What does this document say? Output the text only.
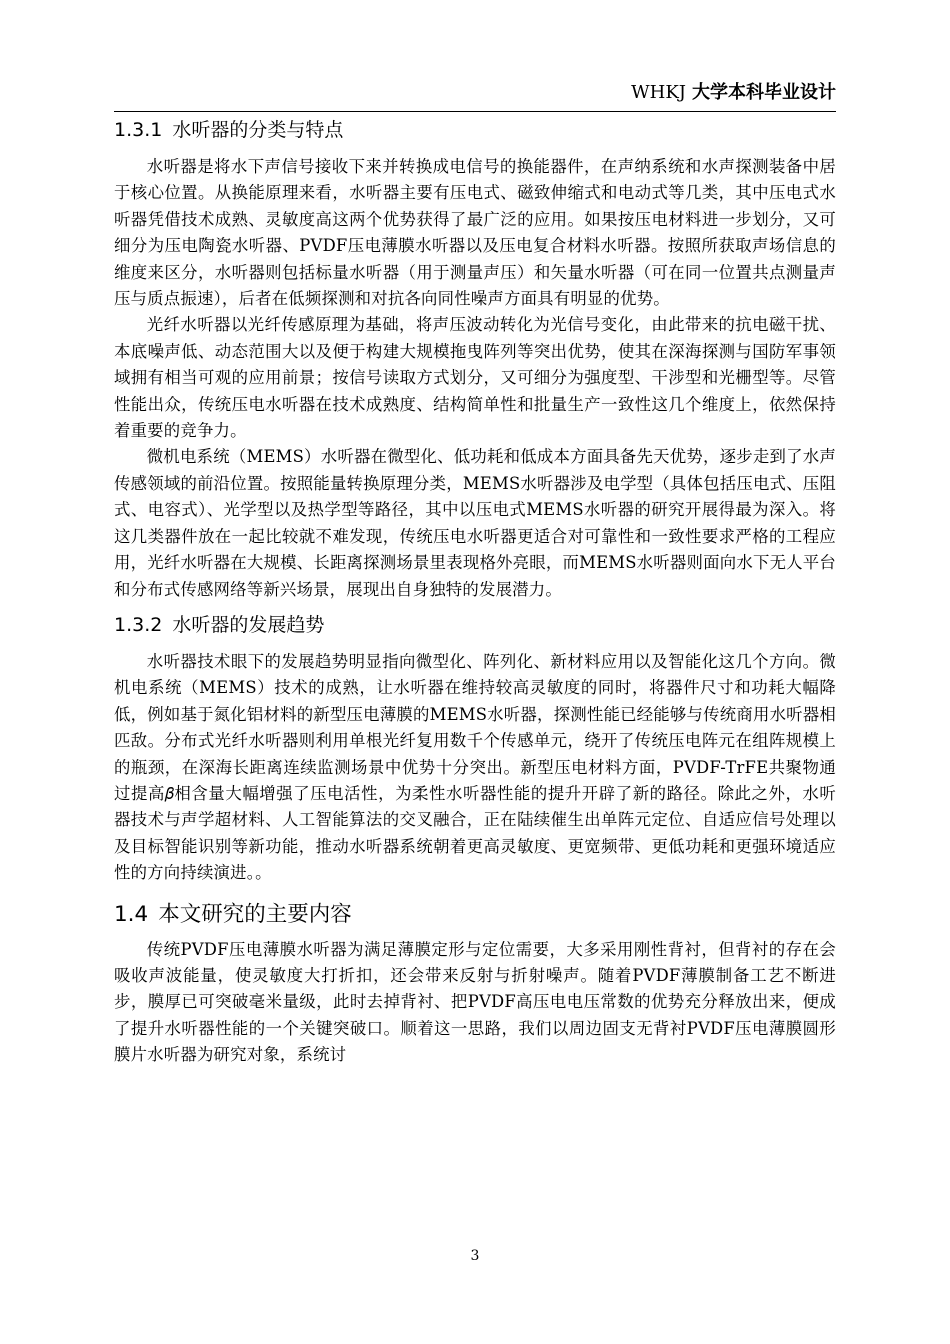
WHKJ 大学本科毕业设计
1.3.1 水听器的分类与特点

水听器是将水下声信号接收下来并转换成电信号的换能器件，在声纳系统和水声探测装备中居于核心位置。从换能原理来看，水听器主要有压电式、磁致伸缩式和电动式等几类，其中压电式水听器凭借技术成熟、灵敏度高这两个优势获得了最广泛的应用。如果按压电材料进一步划分，又可细分为压电陶瓷水听器、PVDF压电薄膜水听器以及压电复合材料水听器。按照所获取声场信息的维度来区分，水听器则包括标量水听器（用于测量声压）和矢量水听器（可在同一位置共点测量声压与质点振速），后者在低频探测和对抗各向同性噪声方面具有明显的优势。

光纤水听器以光纤传感原理为基础，将声压波动转化为光信号变化，由此带来的抗电磁干扰、本底噪声低、动态范围大以及便于构建大规模拖曳阵列等突出优势，使其在深海探测与国防军事领域拥有相当可观的应用前景；按信号读取方式划分，又可细分为强度型、干涉型和光栅型等。尽管性能出众，传统压电水听器在技术成熟度、结构简单性和批量生产一致性这几个维度上，依然保持着重要的竞争力。

微机电系统（MEMS）水听器在微型化、低功耗和低成本方面具备先天优势，逐步走到了水声传感领域的前沿位置。按照能量转换原理分类，MEMS水听器涉及电学型（具体包括压电式、压阻式、电容式）、光学型以及热学型等路径，其中以压电式MEMS水听器的研究开展得最为深入。将这几类器件放在一起比较就不难发现，传统压电水听器更适合对可靠性和一致性要求严格的工程应用，光纤水听器在大规模、长距离探测场景里表现格外亮眼，而MEMS水听器则面向水下无人平台和分布式传感网络等新兴场景，展现出自身独特的发展潜力。

1.3.2 水听器的发展趋势

水听器技术眼下的发展趋势明显指向微型化、阵列化、新材料应用以及智能化这几个方向。微机电系统（MEMS）技术的成熟，让水听器在维持较高灵敏度的同时，将器件尺寸和功耗大幅降低，例如基于氮化铝材料的新型压电薄膜的MEMS水听器，探测性能已经能够与传统商用水听器相匹敌。分布式光纤水听器则利用单根光纤复用数千个传感单元，绕开了传统压电阵元在组阵规模上的瓶颈，在深海长距离连续监测场景中优势十分突出。新型压电材料方面，PVDF-TrFE共聚物通过提高𝛽相含量大幅增强了压电活性，为柔性水听器性能的提升开辟了新的路径。除此之外，水听器技术与声学超材料、人工智能算法的交叉融合，正在陆续催生出单阵元定位、自适应信号处理以及目标智能识别等新功能，推动水听器系统朝着更高灵敏度、更宽频带、更低功耗和更强环境适应性的方向持续演进。。

1.4 本文研究的主要内容

传统PVDF压电薄膜水听器为满足薄膜定形与定位需要，大多采用刚性背衬，但背衬的存在会吸收声波能量，使灵敏度大打折扣，还会带来反射与折射噪声。随着PVDF薄膜制备工艺不断进步，膜厚已可突破毫米量级，此时去掉背衬、把PVDF高压电电压常数的优势充分释放出来，便成了提升水听器性能的一个关键突破口。顺着这一思路，我们以周边固支无背衬PVDF压电薄膜圆形膜片水听器为研究对象，系统讨

3
